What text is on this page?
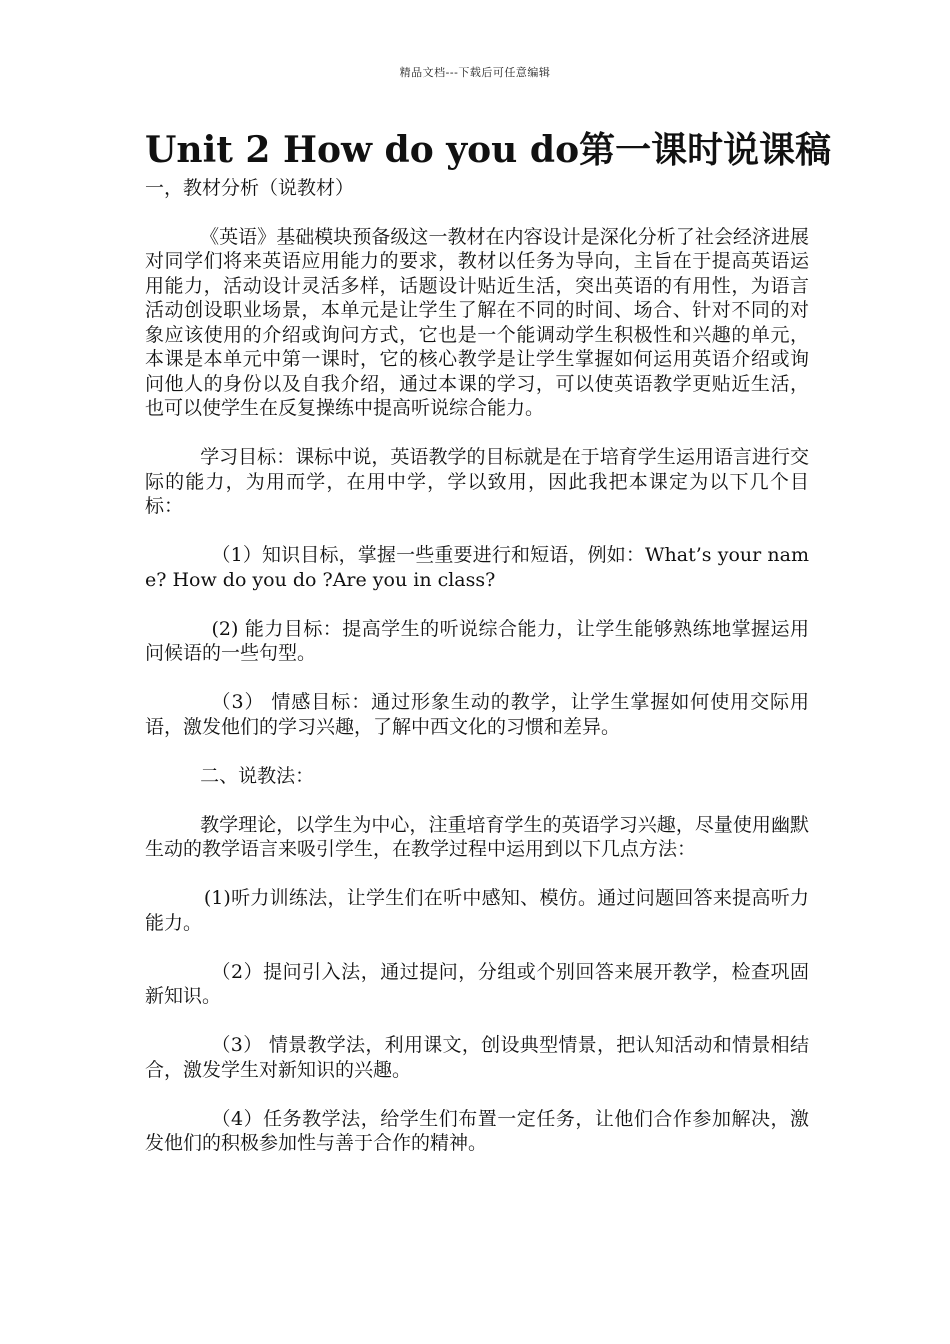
精品文档---下载后可任意编辑
Unit 2 How do you do第一课时说课稿

一，教材分析（说教材）

《英语》基础模块预备级这一教材在内容设计是深化分析了社会经济进展对同学们将来英语应用能力的要求，教材以任务为导向，主旨在于提高英语运用能力，活动设计灵活多样，话题设计贴近生活，突出英语的有用性，为语言活动创设职业场景，本单元是让学生了解在不同的时间、场合、针对不同的对象应该使用的介绍或询问方式，它也是一个能调动学生积极性和兴趣的单元，本课是本单元中第一课时，它的核心教学是让学生掌握如何运用英语介绍或询问他人的身份以及自我介绍，通过本课的学习，可以使英语教学更贴近生活，也可以使学生在反复操练中提高听说综合能力。

学习目标：课标中说，英语教学的目标就是在于培育学生运用语言进行交际的能力，为用而学，在用中学，学以致用，因此我把本课定为以下几个目标：

（1）知识目标，掌握一些重要进行和短语，例如：What’s your name? How do you do ?Are you in class?

(2) 能力目标：提高学生的听说综合能力，让学生能够熟练地掌握运用问候语的一些句型。

（3） 情感目标：通过形象生动的教学，让学生掌握如何使用交际用语，激发他们的学习兴趣，了解中西文化的习惯和差异。

二、说教法：

教学理论，以学生为中心，注重培育学生的英语学习兴趣，尽量使用幽默生动的教学语言来吸引学生，在教学过程中运用到以下几点方法：

(1)听力训练法，让学生们在听中感知、模仿。通过问题回答来提高听力能力。

（2）提问引入法，通过提问，分组或个别回答来展开教学，检查巩固新知识。

（3） 情景教学法，利用课文，创设典型情景，把认知活动和情景相结合，激发学生对新知识的兴趣。

（4）任务教学法，给学生们布置一定任务，让他们合作参加解决，激发他们的积极参加性与善于合作的精神。
